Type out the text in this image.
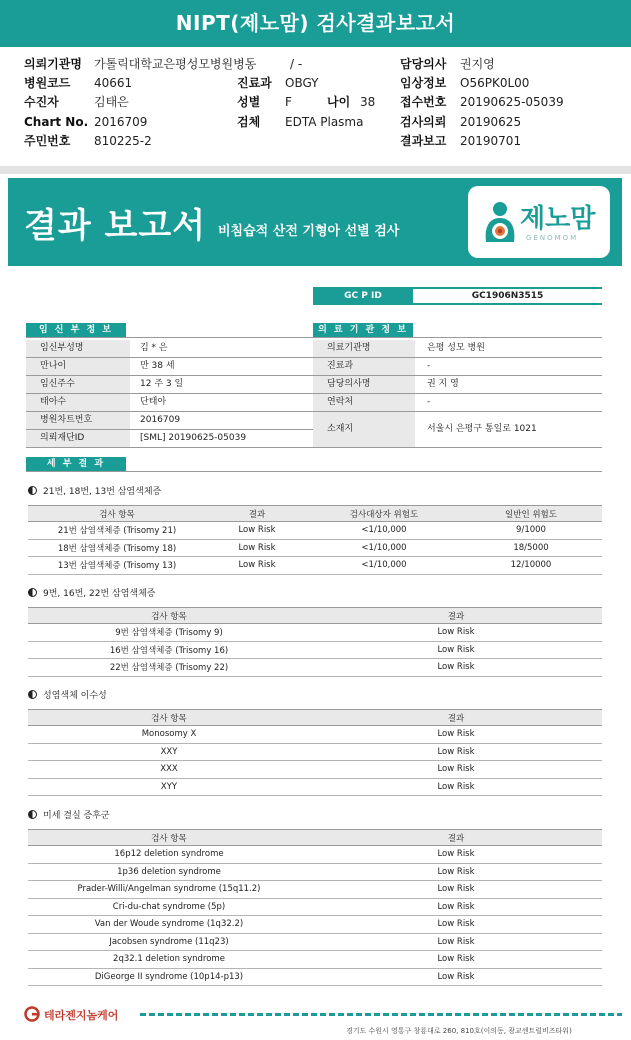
NIPT(제노맘) 검사결과보고서
의뢰기관명 가톨릭대학교은평성모병원병동	/ -	담당의사 권지영
병원코드 40661	진료과 OBGY	임상정보 O56PK0L00
수진자	김태은	성별 F	나이 38 접수번호 20190625-05039
Chart No. 2016709	검체 EDTA Plasma	검사의뢰 20190625
주민번호 810225-2	결과보고 20190701
결과 보고서 비침습적 산전 기형아 선별 검사	제노맘
GENOMOM
GC P ID	GC1906N3515
임 신 부 정 보	의 료 기 관 정 보
임신부성명	김 * 은
만나이	만 38 세
임신주수	12 주 3 일
태아수	단태아
병원차트번호	2016709
의뢰재단ID	[SML] 20190625-05039
의료기관명	은평 성모 병원
진료과	-
담당의사명	권 지 영
연락처	-
소재지	서울시 은평구 통일로 1021
세 부 결 과
21번, 18번, 13번 삼염색체증
검사 항목	결과	검사대상자 위험도	일반인 위험도
21번 삼염색체증 (Trisomy 21)	Low Risk	<1/10,000	9/1000
18번 삼염색체증 (Trisomy 18)	Low Risk	<1/10,000	18/5000
13번 삼염색체증 (Trisomy 13)	Low Risk	<1/10,000	12/10000
9번, 16번, 22번 삼염색체증
검사 항목	결과
9번 삼염색체증 (Trisomy 9)	Low Risk
16번 삼염색체증 (Trisomy 16)	Low Risk
22번 삼염색체증 (Trisomy 22)	Low Risk
성염색체 이수성
검사 항목	결과
Monosomy X	Low Risk
XXY	Low Risk
XXX	Low Risk
XYY	Low Risk
미세 결실 증후군
검사 항목	결과
16p12 deletion syndrome	Low Risk
1p36 deletion syndrome	Low Risk
Prader-Willi/Angelman syndrome (15q11.2)	Low Risk
Cri-du-chat syndrome (5p)	Low Risk
Van der Woude syndrome (1q32.2)	Low Risk
Jacobsen syndrome (11q23)	Low Risk
2q32.1 deletion syndrome	Low Risk
DiGeorge II syndrome (10p14-p13)	Low Risk
테라젠지놈케어
경기도 수원시 영통구 창룡대로 260, 810호(이의동, 광교센트럴비즈타워)
